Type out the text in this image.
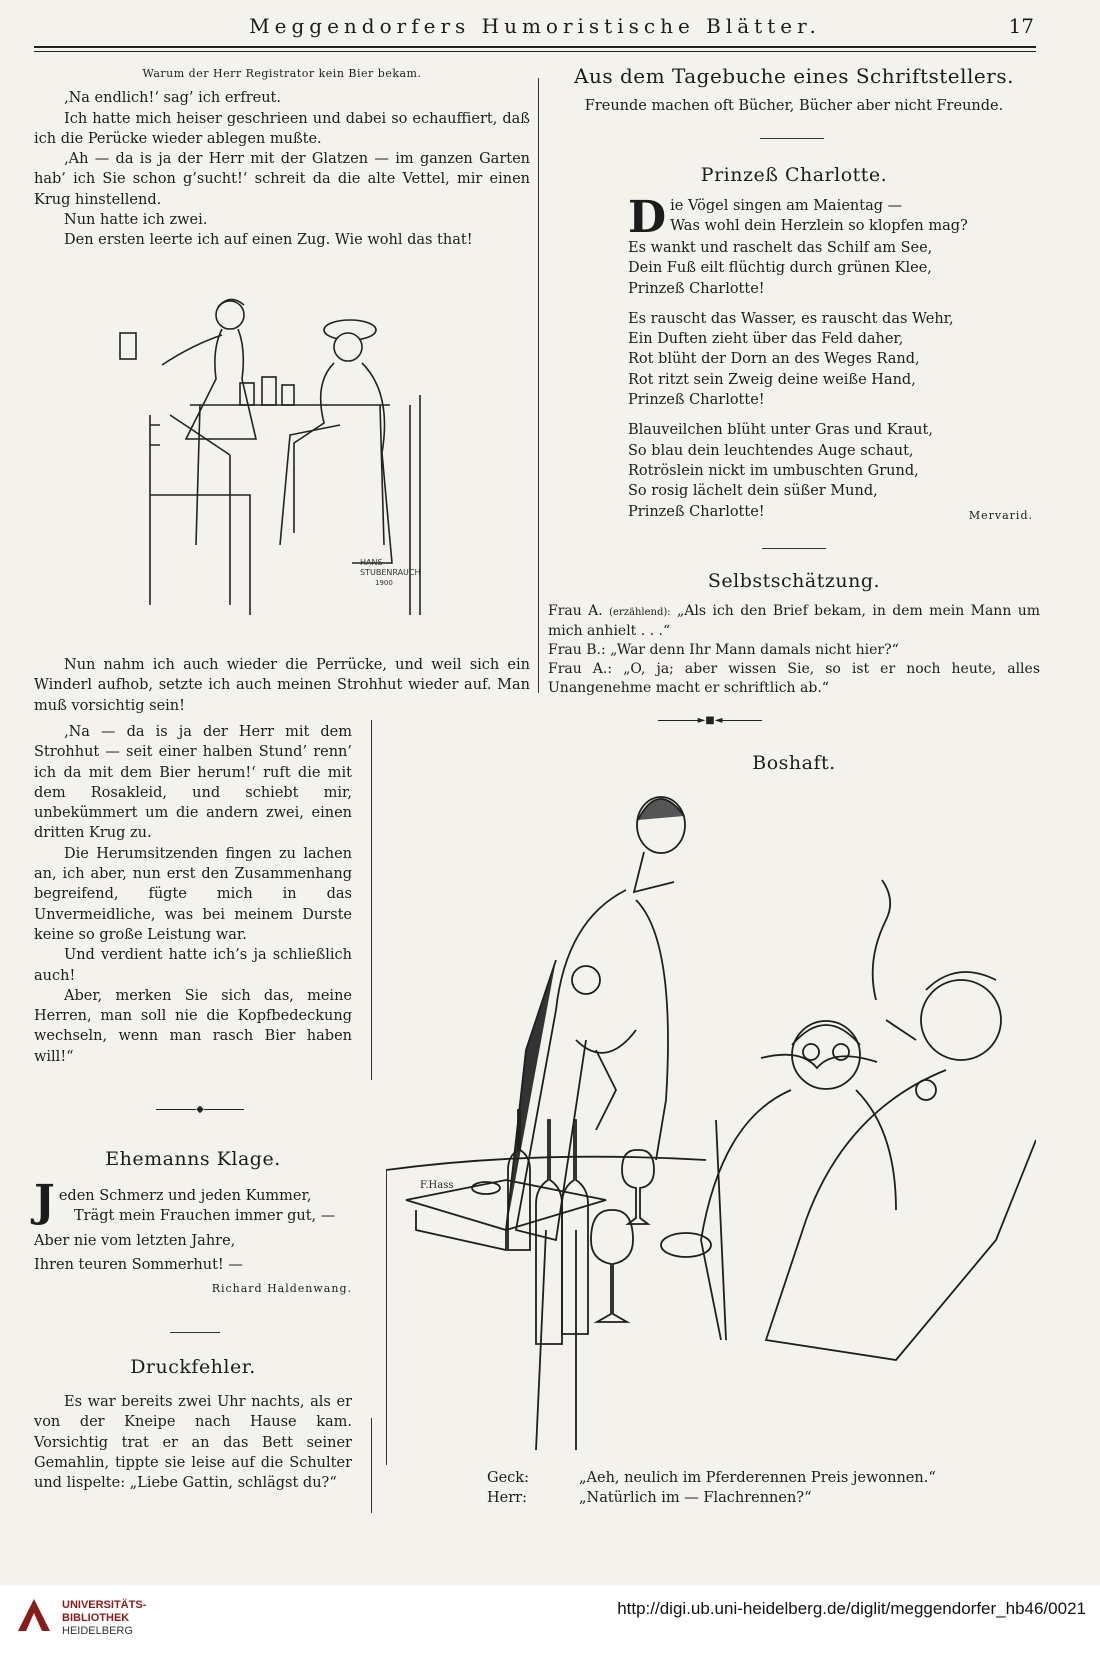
Meggendorfers Humoristische Blätter.	17
Warum der Herr Registrator kein Bier bekam.

‚Na endlich!‘ sag’ ich erfreut.

Ich hatte mich heiser geschrieen und dabei so echauffiert, daß ich die Perücke wieder ablegen mußte.

‚Ah — da is ja der Herr mit der Glatzen — im ganzen Garten hab’ ich Sie schon g’sucht!‘ schreit da die alte Vettel, mir einen Krug hinstellend.

Nun hatte ich zwei.

Den ersten leerte ich auf einen Zug. Wie wohl das that!

HANS
STUBENRAUCH
1900

Nun nahm ich auch wieder die Perrücke, und weil sich ein Winderl aufhob, setzte ich auch meinen Strohhut wieder auf. Man muß vorsichtig sein!

‚Na — da is ja der Herr mit dem Strohhut — seit einer halben Stund’ renn’ ich da mit dem Bier herum!‘ ruft die mit dem Rosakleid, und schiebt mir, unbekümmert um die andern zwei, einen dritten Krug zu.

Die Herumsitzenden fingen zu lachen an, ich aber, nun erst den Zusammenhang begreifend, fügte mich in das Unvermeidliche, was bei meinem Durste keine so große Leistung war.

Und verdient hatte ich’s ja schließlich auch!

Aber, merken Sie sich das, meine Herren, man soll nie die Kopfbedeckung wechseln, wenn man rasch Bier haben will!“

◆
Ehemanns Klage.
J eden Schmerz und jeden Kummer,

Trägt mein Frauchen immer gut, —

Aber nie vom letzten Jahre,

Ihren teuren Sommerhut! —

Richard Haldenwang.
Druckfehler.

Es war bereits zwei Uhr nachts, als er von der Kneipe nach Hause kam. Vorsichtig trat er an das Bett seiner Gemahlin, tippte sie leise auf die Schulter und lispelte: „Liebe Gattin, schlägst du?“

Aus dem Tagebuche eines Schriftstellers.
Freunde machen oft Bücher, Bücher aber nicht Freunde.
Prinzeß Charlotte.
D ie Vögel singen am Maientag —

Was wohl dein Herzlein so klopfen mag?

Es wankt und raschelt das Schilf am See,

Dein Fuß eilt flüchtig durch grünen Klee,

Prinzeß Charlotte!

Es rauscht das Wasser, es rauscht das Wehr,

Ein Duften zieht über das Feld daher,

Rot blüht der Dorn an des Weges Rand,

Rot ritzt sein Zweig deine weiße Hand,

Prinzeß Charlotte!

Blauveilchen blüht unter Gras und Kraut,

So blau dein leuchtendes Auge schaut,

Rotröslein nickt im umbuschten Grund,

So rosig lächelt dein süßer Mund,

Prinzeß Charlotte!	Mervarid.

Selbstschätzung.

Frau A. (erzählend): „Als ich den Brief bekam, in dem mein Mann um mich anhielt . . .“

Frau B.: „War denn Ihr Mann damals nicht hier?“

Frau A.: „O, ja; aber wissen Sie, so ist er noch heute, alles Unangenehme macht er schriftlich ab.“

►■◄
Boshaft.
F.Hass
Geck:	„Aeh, neulich im Pferderennen Preis jewonnen.“
Herr:	„Natürlich im — Flachrennen?“
UNIVERSITÄTS-
BIBLIOTHEK
HEIDELBERG
http://digi.ub.uni-heidelberg.de/diglit/meggendorfer_hb46/0021
